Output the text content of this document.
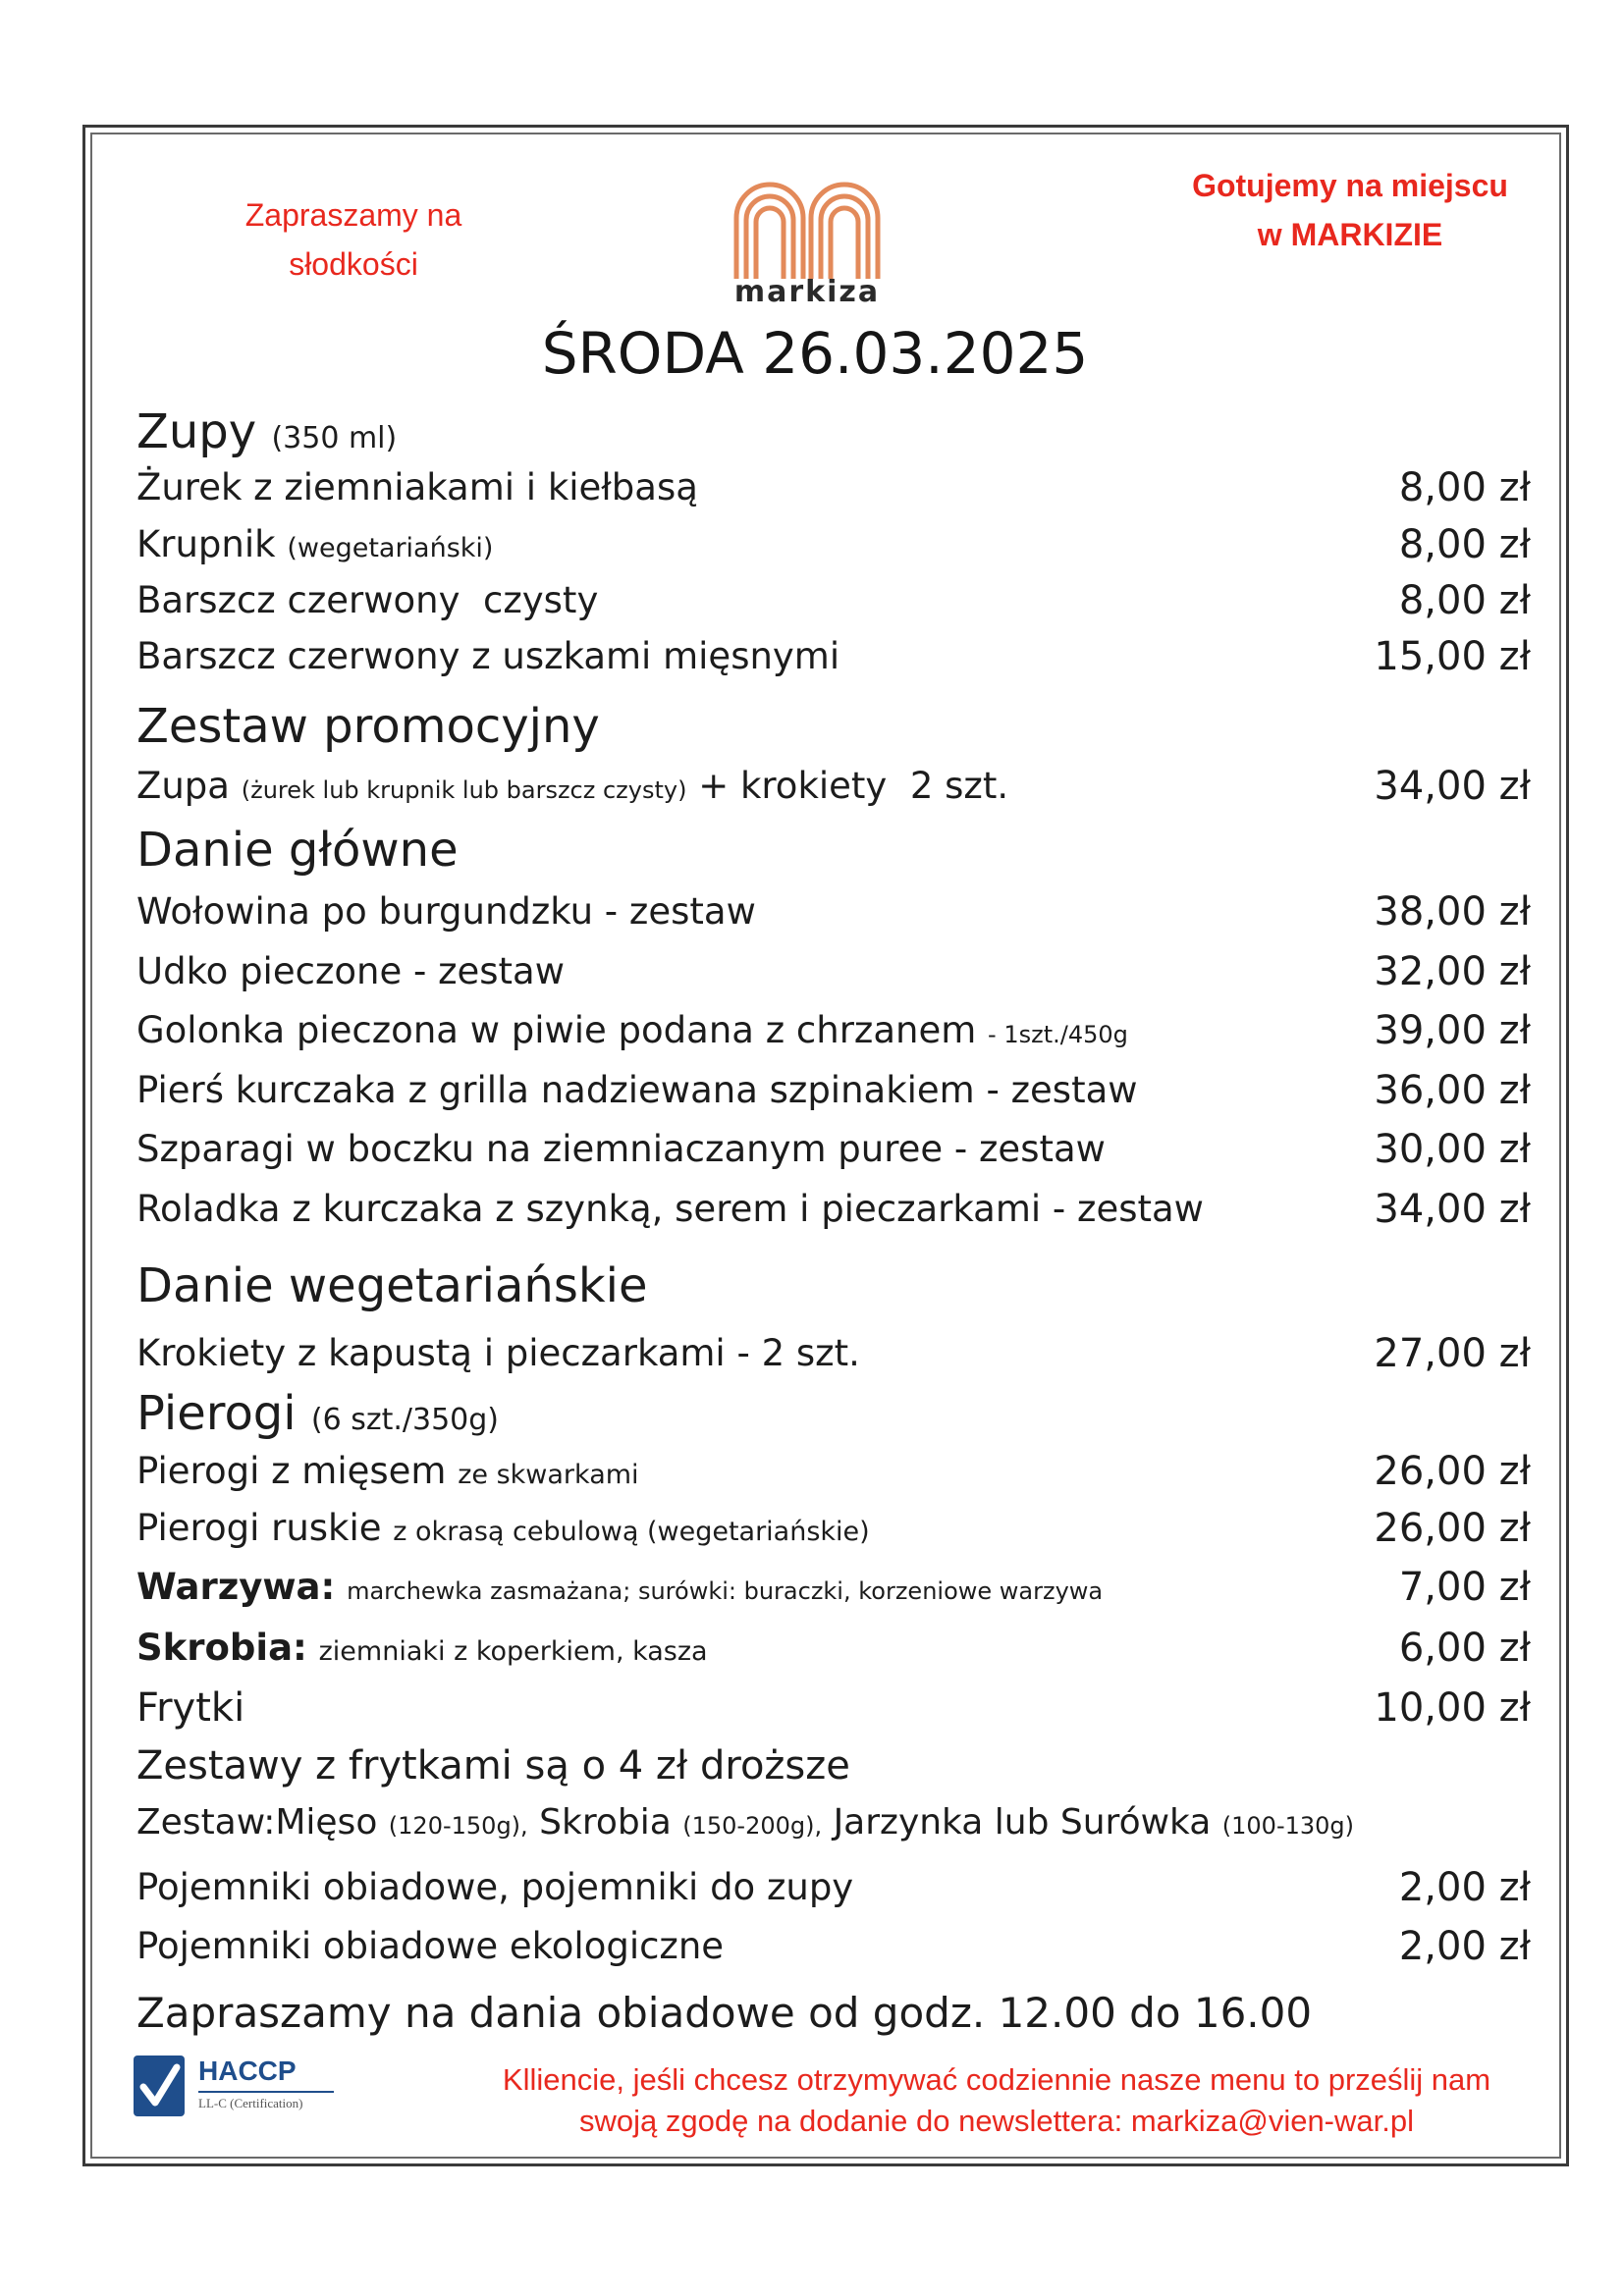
Zapraszamy na
słodkości
markiza
Gotujemy na miejscu
w MARKIZIE
ŚRODA 26.03.2025
Zupy (350 ml)
Żurek z ziemniakami i kiełbasą	8,00 zł
Krupnik (wegetariański)	8,00 zł
Barszcz czerwony  czysty	8,00 zł
Barszcz czerwony z uszkami mięsnymi	15,00 zł
Zestaw promocyjny
Zupa (żurek lub krupnik lub barszcz czysty) + krokiety  2 szt.	34,00 zł
Danie główne
Wołowina po burgundzku - zestaw	38,00 zł
Udko pieczone - zestaw	32,00 zł
Golonka pieczona w piwie podana z chrzanem - 1szt./450g	39,00 zł
Pierś kurczaka z grilla nadziewana szpinakiem - zestaw	36,00 zł
Szparagi w boczku na ziemniaczanym puree - zestaw	30,00 zł
Roladka z kurczaka z szynką, serem i pieczarkami - zestaw	34,00 zł
Danie wegetariańskie
Krokiety z kapustą i pieczarkami - 2 szt.	27,00 zł
Pierogi (6 szt./350g)
Pierogi z mięsem ze skwarkami	26,00 zł
Pierogi ruskie z okrasą cebulową (wegetariańskie)	26,00 zł
Warzywa: marchewka zasmażana; surówki: buraczki, korzeniowe warzywa	7,00 zł
Skrobia: ziemniaki z koperkiem, kasza	6,00 zł
Frytki	10,00 zł
Zestawy z frytkami są o 4 zł droższe
Zestaw:Mięso (120-150g), Skrobia (150-200g), Jarzynka lub Surówka (100-130g)
Pojemniki obiadowe, pojemniki do zupy	2,00 zł
Pojemniki obiadowe ekologiczne	2,00 zł
Zapraszamy na dania obiadowe od godz. 12.00 do 16.00
HACCP
LL-C (Certification)
Klliencie, jeśli chcesz otrzymywać codziennie nasze menu to prześlij nam
swoją zgodę na dodanie do newslettera: markiza@vien-war.pl
